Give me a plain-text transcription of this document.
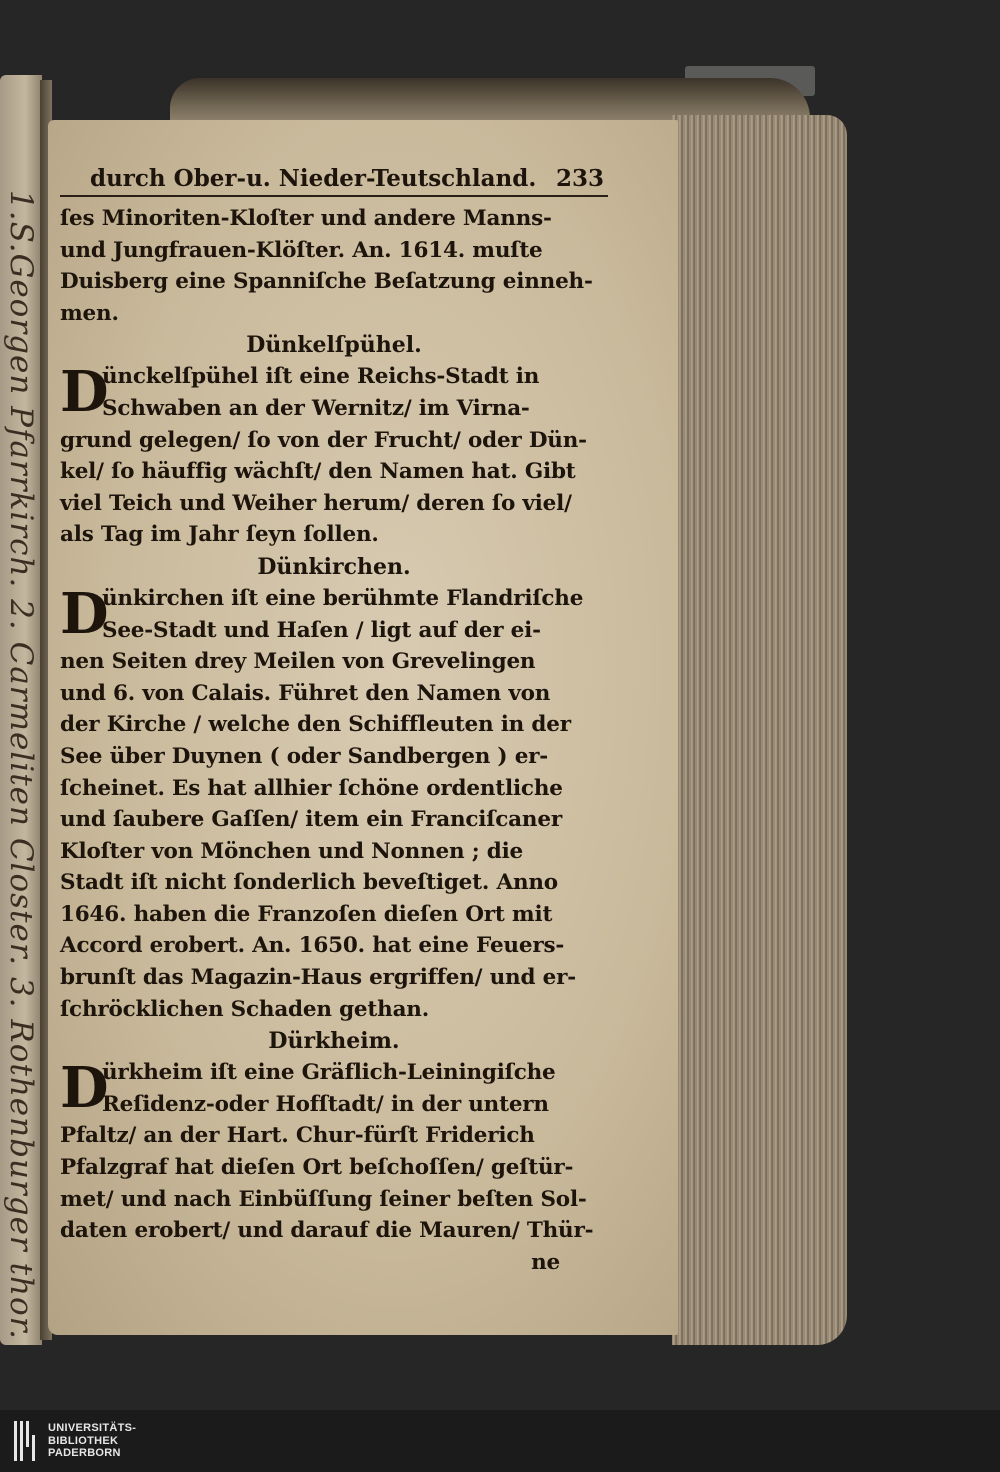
1.S.Georgen Pfarrkirch. 2. Carmeliten Closter. 3. Rothenburger thor.
durch Ober-u. Nieder-Teutschland. 233
ſes Minoriten-Kloſter und andere Manns-
und Jungfrauen-Klöſter. An. 1614. muſte
Duisberg eine Spanniſche Beſatzung einneh-
men.
Dünkelſpühel.
D
ünckelſpühel iſt eine Reichs-Stadt in
Schwaben an der Wernitz/ im Virna-
grund gelegen/ ſo von der Frucht/ oder Dün-
kel/ ſo häuffig wächſt/ den Namen hat. Gibt
viel Teich und Weiher herum/ deren ſo viel/
als Tag im Jahr ſeyn ſollen.
Dünkirchen.
D
ünkirchen iſt eine berühmte Flandriſche
See-Stadt und Haſen / ligt auf der ei-
nen Seiten drey Meilen von Grevelingen
und 6. von Calais. Führet den Namen von
der Kirche / welche den Schiffleuten in der
See über Duynen ( oder Sandbergen ) er-
ſcheinet. Es hat allhier ſchöne ordentliche
und ſaubere Gaſſen/ item ein Franciſcaner
Kloſter von Mönchen und Nonnen ; die
Stadt iſt nicht ſonderlich beveſtiget. Anno
1646. haben die Franzoſen dieſen Ort mit
Accord erobert. An. 1650. hat eine Feuers-
brunſt das Magazin-Haus ergriffen/ und er-
ſchröcklichen Schaden gethan.
Dürkheim.
D
ürkheim iſt eine Gräflich-Leiningiſche
Reſidenz-oder Hofſtadt/ in der untern
Pfaltz/ an der Hart. Chur-fürſt Friderich
Pfalzgraf hat dieſen Ort beſchoſſen/ geſtür-
met/ und nach Einbüſſung ſeiner beſten Sol-
daten erobert/ und darauf die Mauren/ Thür-
ne
UNIVERSITÄTS-
BIBLIOTHEK
PADERBORN
